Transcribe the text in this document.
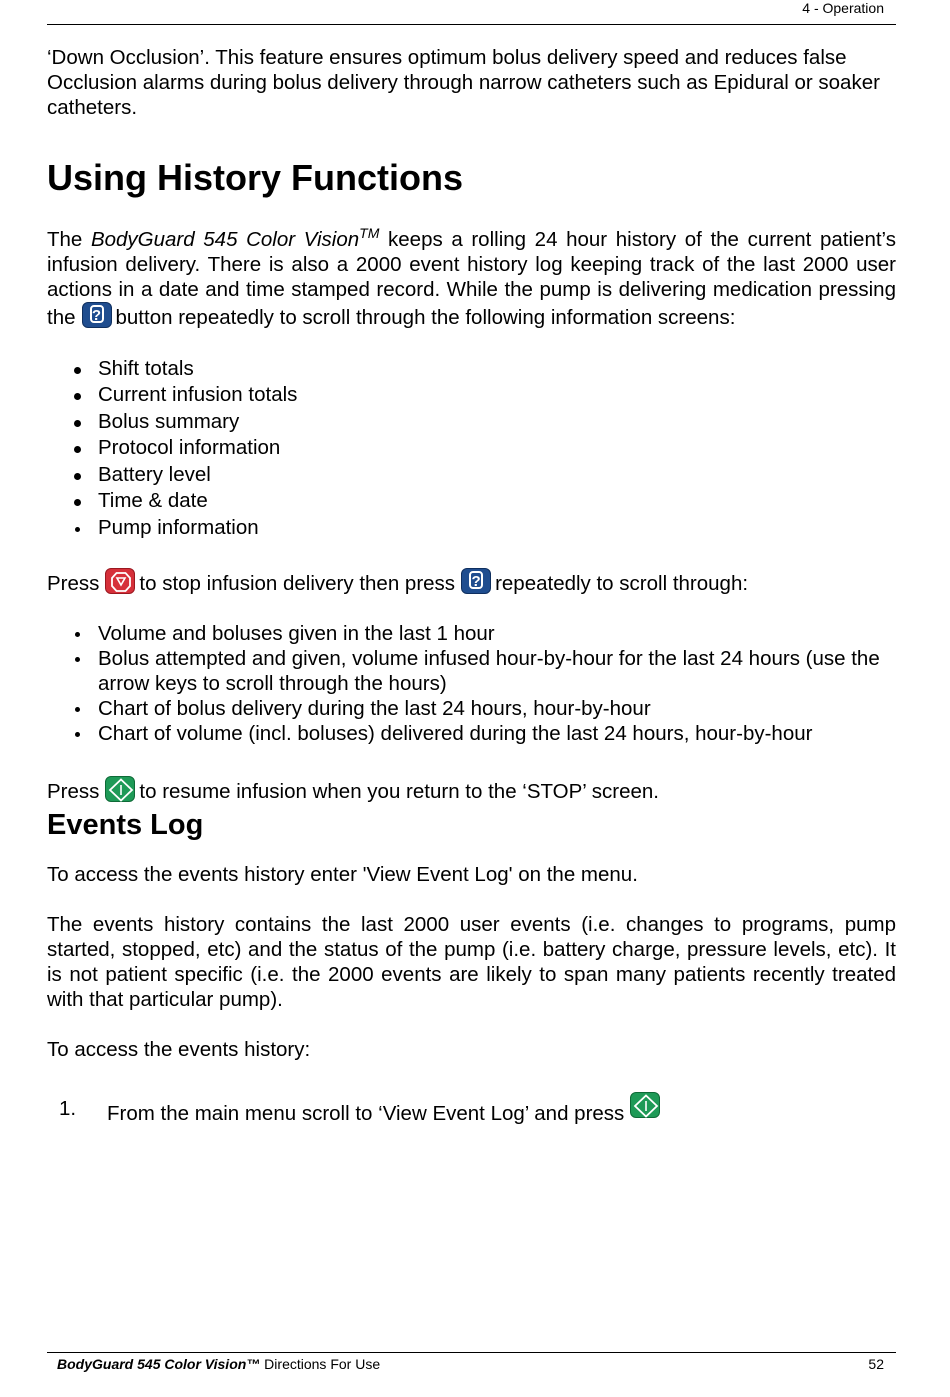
4 - Operation

‘Down Occlusion’. This feature ensures optimum bolus delivery speed and reduces false Occlusion alarms during bolus delivery through narrow catheters such as Epidural or soaker catheters.

Using History Functions

The BodyGuard 545 Color Vision™ keeps a rolling 24 hour history of the current patient’s infusion delivery. There is also a 2000 event history log keeping track of the last 2000 user actions in a date and time stamped record. While the pump is delivering medication pressing the ? button repeatedly to scroll through the following information screens:

Shift totals
Current infusion totals
Bolus summary
Protocol information
Battery level
Time & date
Pump information

Press to stop infusion delivery then press ? repeatedly to scroll through:

Volume and boluses given in the last 1 hour
Bolus attempted and given, volume infused hour-by-hour for the last 24 hours (use the arrow keys to scroll through the hours)
Chart of bolus delivery during the last 24 hours, hour-by-hour
Chart of volume (incl. boluses) delivered during the last 24 hours, hour-by-hour

Press to resume infusion when you return to the ‘STOP’ screen.

Events Log

To access the events history enter 'View Event Log' on the menu.

The events history contains the last 2000 user events (i.e. changes to programs, pump started, stopped, etc) and the status of the pump (i.e. battery charge, pressure levels, etc). It is not patient specific (i.e. the 2000 events are likely to span many patients recently treated with that particular pump).

To access the events history:

1. From the main menu scroll to ‘View Event Log’ and press
BodyGuard 545 Color Vision™ Directions For Use	52
